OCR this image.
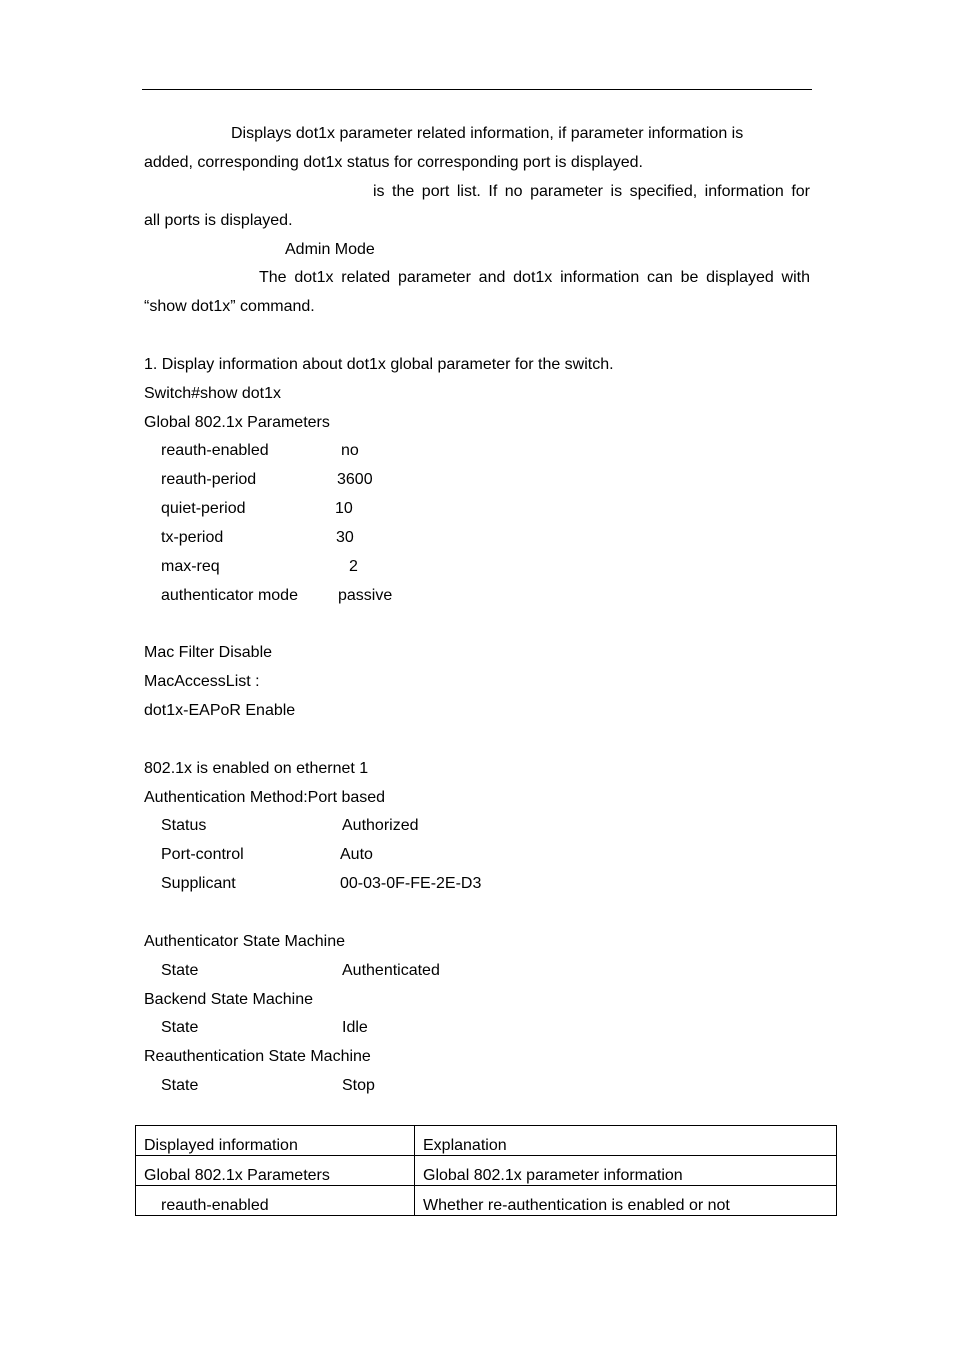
Displays dot1x parameter related information, if parameter information is
added, corresponding dot1x status for corresponding port is displayed.
is the port list. If no parameter is specified, information for
all ports is displayed.
Admin Mode
The dot1x related parameter and dot1x information can be displayed with
“show dot1x” command.
1. Display information about dot1x global parameter for the switch.
Switch#show dot1x
Global 802.1x Parameters
reauth-enabled	no
reauth-period	3600
quiet-period	10
tx-period	30
max-req	2
authenticator mode	passive
Mac Filter Disable
MacAccessList :
dot1x-EAPoR Enable
802.1x is enabled on ethernet 1
Authentication Method:Port based
Status	Authorized
Port-control	Auto
Supplicant	00-03-0F-FE-2E-D3
Authenticator State Machine
State	Authenticated
Backend State Machine
State	Idle
Reauthentication State Machine
State	Stop
Displayed information	Explanation
Global 802.1x Parameters	Global 802.1x parameter information
reauth-enabled	Whether re-authentication is enabled or not
